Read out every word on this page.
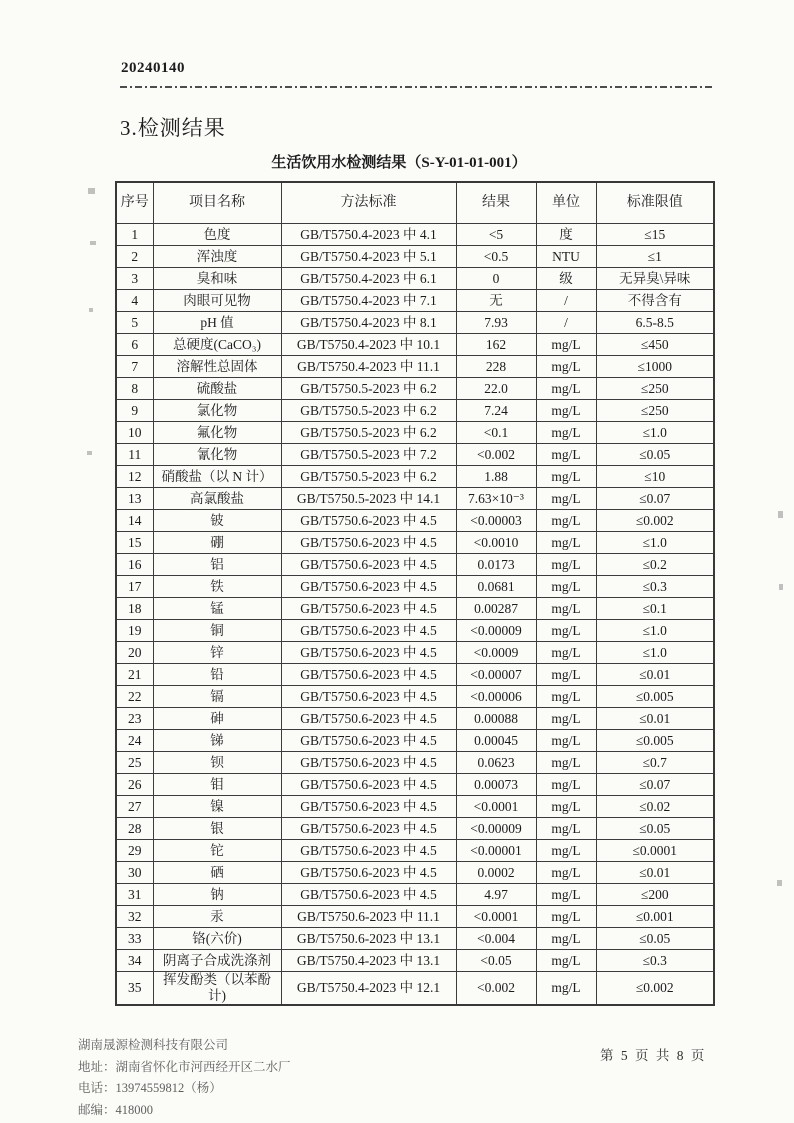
20240140
3.检测结果
生活饮用水检测结果（S-Y-01-01-001）
序号	项目名称	方法标准	结果	单位	标准限值
1	色度	GB/T5750.4-2023 中 4.1	<5	度	≤15
2	浑浊度	GB/T5750.4-2023 中 5.1	<0.5	NTU	≤1
3	臭和味	GB/T5750.4-2023 中 6.1	0	级	无异臭\异味
4	肉眼可见物	GB/T5750.4-2023 中 7.1	无	/	不得含有
5	pH 值	GB/T5750.4-2023 中 8.1	7.93	/	6.5-8.5
6	总硬度(CaCO₃)	GB/T5750.4-2023 中 10.1	162	mg/L	≤450
7	溶解性总固体	GB/T5750.4-2023 中 11.1	228	mg/L	≤1000
8	硫酸盐	GB/T5750.5-2023 中 6.2	22.0	mg/L	≤250
9	氯化物	GB/T5750.5-2023 中 6.2	7.24	mg/L	≤250
10	氟化物	GB/T5750.5-2023 中 6.2	<0.1	mg/L	≤1.0
11	氰化物	GB/T5750.5-2023 中 7.2	<0.002	mg/L	≤0.05
12	硝酸盐（以 N 计）	GB/T5750.5-2023 中 6.2	1.88	mg/L	≤10
13	高氯酸盐	GB/T5750.5-2023 中 14.1	7.63×10⁻³	mg/L	≤0.07
14	铍	GB/T5750.6-2023 中 4.5	<0.00003	mg/L	≤0.002
15	硼	GB/T5750.6-2023 中 4.5	<0.0010	mg/L	≤1.0
16	铝	GB/T5750.6-2023 中 4.5	0.0173	mg/L	≤0.2
17	铁	GB/T5750.6-2023 中 4.5	0.0681	mg/L	≤0.3
18	锰	GB/T5750.6-2023 中 4.5	0.00287	mg/L	≤0.1
19	铜	GB/T5750.6-2023 中 4.5	<0.00009	mg/L	≤1.0
20	锌	GB/T5750.6-2023 中 4.5	<0.0009	mg/L	≤1.0
21	铅	GB/T5750.6-2023 中 4.5	<0.00007	mg/L	≤0.01
22	镉	GB/T5750.6-2023 中 4.5	<0.00006	mg/L	≤0.005
23	砷	GB/T5750.6-2023 中 4.5	0.00088	mg/L	≤0.01
24	锑	GB/T5750.6-2023 中 4.5	0.00045	mg/L	≤0.005
25	钡	GB/T5750.6-2023 中 4.5	0.0623	mg/L	≤0.7
26	钼	GB/T5750.6-2023 中 4.5	0.00073	mg/L	≤0.07
27	镍	GB/T5750.6-2023 中 4.5	<0.0001	mg/L	≤0.02
28	银	GB/T5750.6-2023 中 4.5	<0.00009	mg/L	≤0.05
29	铊	GB/T5750.6-2023 中 4.5	<0.00001	mg/L	≤0.0001
30	硒	GB/T5750.6-2023 中 4.5	0.0002	mg/L	≤0.01
31	钠	GB/T5750.6-2023 中 4.5	4.97	mg/L	≤200
32	汞	GB/T5750.6-2023 中 11.1	<0.0001	mg/L	≤0.001
33	铬(六价)	GB/T5750.6-2023 中 13.1	<0.004	mg/L	≤0.05
34	阴离子合成洗涤剂	GB/T5750.4-2023 中 13.1	<0.05	mg/L	≤0.3
35	挥发酚类（以苯酚计)	GB/T5750.4-2023 中 12.1	<0.002	mg/L	≤0.002
湖南晟源检测科技有限公司
地址：湖南省怀化市河西经开区二水厂
电话：13974559812（杨）
邮编：418000
第 5 页 共 8 页
